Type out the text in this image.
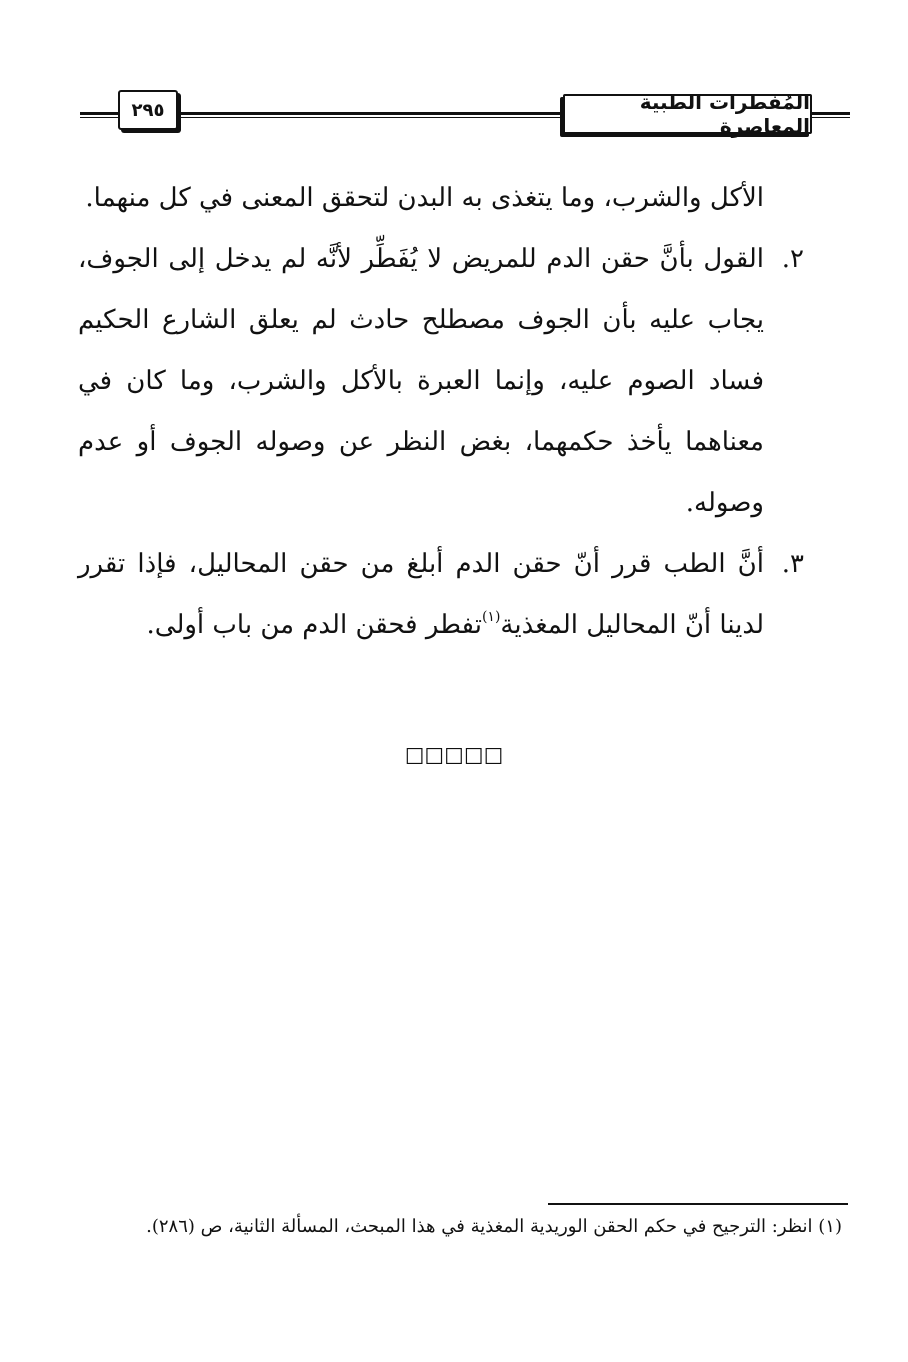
٢٩٥	المُفطرات الطبية المعاصرة

الأكل والشرب، وما يتغذى به البدن لتحقق المعنى في كل منهما.

٢.
القول بأنَّ حقن الدم للمريض لا يُفَطِّر لأنَّه لم يدخل إلى الجوف، يجاب عليه بأن الجوف مصطلح حادث لم يعلق الشارع الحكيم فساد الصوم عليه، وإنما العبرة بالأكل والشرب، وما كان في معناهما يأخذ حكمهما، بغض النظر عن وصوله الجوف أو عدم وصوله.
٣.
أنَّ الطب قرر أنّ حقن الدم أبلغ من حقن المحاليل، فإذا تقرر لدينا أنّ المحاليل المغذية$^{(١)}$تفطر فحقن الدم من باب أولى.
☐☐☐☐☐
(١) انظر: الترجيح في حكم الحقن الوريدية المغذية في هذا المبحث، المسألة الثانية، ص (٢٨٦).
